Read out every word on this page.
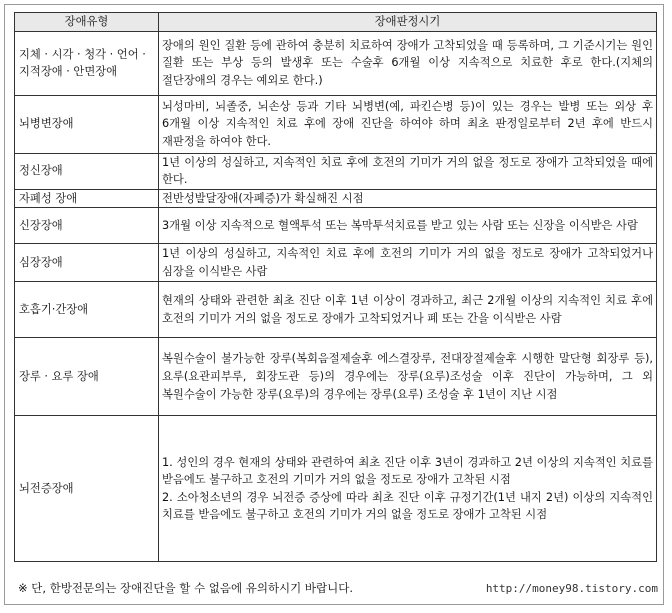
장애유형	장애판정시기
지체 · 시각 · 청각 · 언어 · 지적장애 · 안면장애	장애의 원인 질환 등에 관하여 충분히 치료하여 장애가 고착되었을 때 등록하며, 그 기준시기는 원인 질환 또는 부상 등의 발생후 또는 수술후 6개월 이상 지속적으로 치료한 후로 한다.(지체의 절단장애의 경우는 예외로 한다.)

뇌병변장애	뇌성마비, 뇌졸중, 뇌손상 등과 기타 뇌병변(예, 파킨슨병 등)이 있는 경우는 발병 또는 외상 후 6개월 이상 지속적인 치료 후에 장애 진단을 하여야 하며 최초 판정일로부터 2년 후에 반드시 재판정을 하여야 한다.

정신장애	1년 이상의 성실하고, 지속적인 치료 후에 호전의 기미가 거의 없을 정도로 장애가 고착되었을 때에 한다.

자폐성 장애	전반성발달장애(자폐증)가 확실해진 시점

신장장애	3개월 이상 지속적으로 혈액투석 또는 복막투석치료를 받고 있는 사람 또는 신장을 이식받은 사람

심장장애	1년 이상의 성실하고, 지속적인 치료 후에 호전의 기미가 거의 없을 정도로 장애가 고착되었거나 심장을 이식받은 사람

호흡기·간장애	현재의 상태와 관련한 최초 진단 이후 1년 이상이 경과하고, 최근 2개월 이상의 지속적인 치료 후에 호전의 기미가 거의 없을 정도로 장애가 고착되었거나 폐 또는 간을 이식받은 사람

장루 · 요루 장애	복원수술이 불가능한 장루(복회음절제술후 에스결장루, 전대장절제술후 시행한 말단형 회장루 등),요루(요관피부루, 회장도관 등)의 경우에는 장루(요루)조성술 이후 진단이 가능하며, 그 외 복원수술이 가능한 장루(요루)의 경우에는 장루(요루) 조성술 후 1년이 지난 시점

뇌전증장애	1. 성인의 경우 현재의 상태와 관련하여 최초 진단 이후 3년이 경과하고 2년 이상의 지속적인 치료를 받음에도 불구하고 호전의 기미가 거의 없을 정도로 장애가 고착된 시점
2. 소아청소년의 경우 뇌전증 증상에 따라 최초 진단 이후 규정기간(1년 내지 2년) 이상의 지속적인 치료를 받음에도 불구하고 호전의 기미가 거의 없을 정도로 장애가 고착된 시점
※ 단, 한방전문의는 장애진단을 할 수 없음에 유의하시기 바랍니다.	http://money98.tistory.com
